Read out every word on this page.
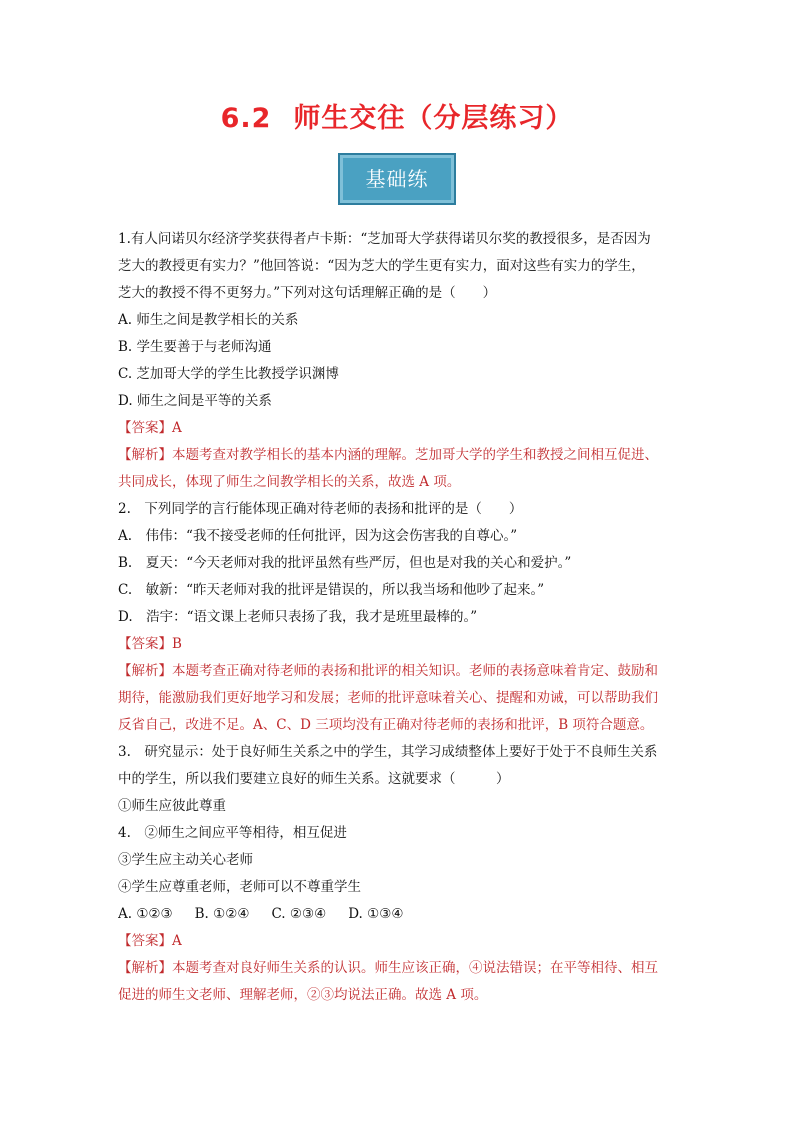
6.2 师生交往（分层练习）
基础练
1.有人问诺贝尔经济学奖获得者卢卡斯：“芝加哥大学获得诺贝尔奖的教授很多，是否因为
芝大的教授更有实力？”他回答说：“因为芝大的学生更有实力，面对这些有实力的学生，
芝大的教授不得不更努力。”下列对这句话理解正确的是（　　）
A. 师生之间是教学相长的关系
B. 学生要善于与老师沟通
C. 芝加哥大学的学生比教授学识渊博
D. 师生之间是平等的关系
【答案】A
【解析】本题考查对教学相长的基本内涵的理解。芝加哥大学的学生和教授之间相互促进、
共同成长，体现了师生之间教学相长的关系，故选 A 项。
2.　下列同学的言行能体现正确对待老师的表扬和批评的是（　　）
A.　伟伟：“我不接受老师的任何批评，因为这会伤害我的自尊心。”
B.　夏天：“今天老师对我的批评虽然有些严厉，但也是对我的关心和爱护。”
C.　敏新：“昨天老师对我的批评是错误的，所以我当场和他吵了起来。”
D.　浩宇：“语文课上老师只表扬了我，我才是班里最棒的。”
【答案】B
【解析】本题考查正确对待老师的表扬和批评的相关知识。老师的表扬意味着肯定、鼓励和
期待，能激励我们更好地学习和发展；老师的批评意味着关心、提醒和劝诫，可以帮助我们
反省自己，改进不足。A、C、D 三项均没有正确对待老师的表扬和批评，B 项符合题意。
3.　研究显示：处于良好师生关系之中的学生，其学习成绩整体上要好于处于不良师生关系
中的学生，所以我们要建立良好的师生关系。这就要求（　　　）
①师生应彼此尊重
4.　②师生之间应平等相待，相互促进
③学生应主动关心老师
④学生应尊重老师，老师可以不尊重学生
A. ①②③ B. ①②④ C. ②③④ D. ①③④
【答案】A
【解析】本题考查对良好师生关系的认识。师生应该正确，④说法错误；在平等相待、相互
促进的师生文老师、理解老师，②③均说法正确。故选 A 项。
